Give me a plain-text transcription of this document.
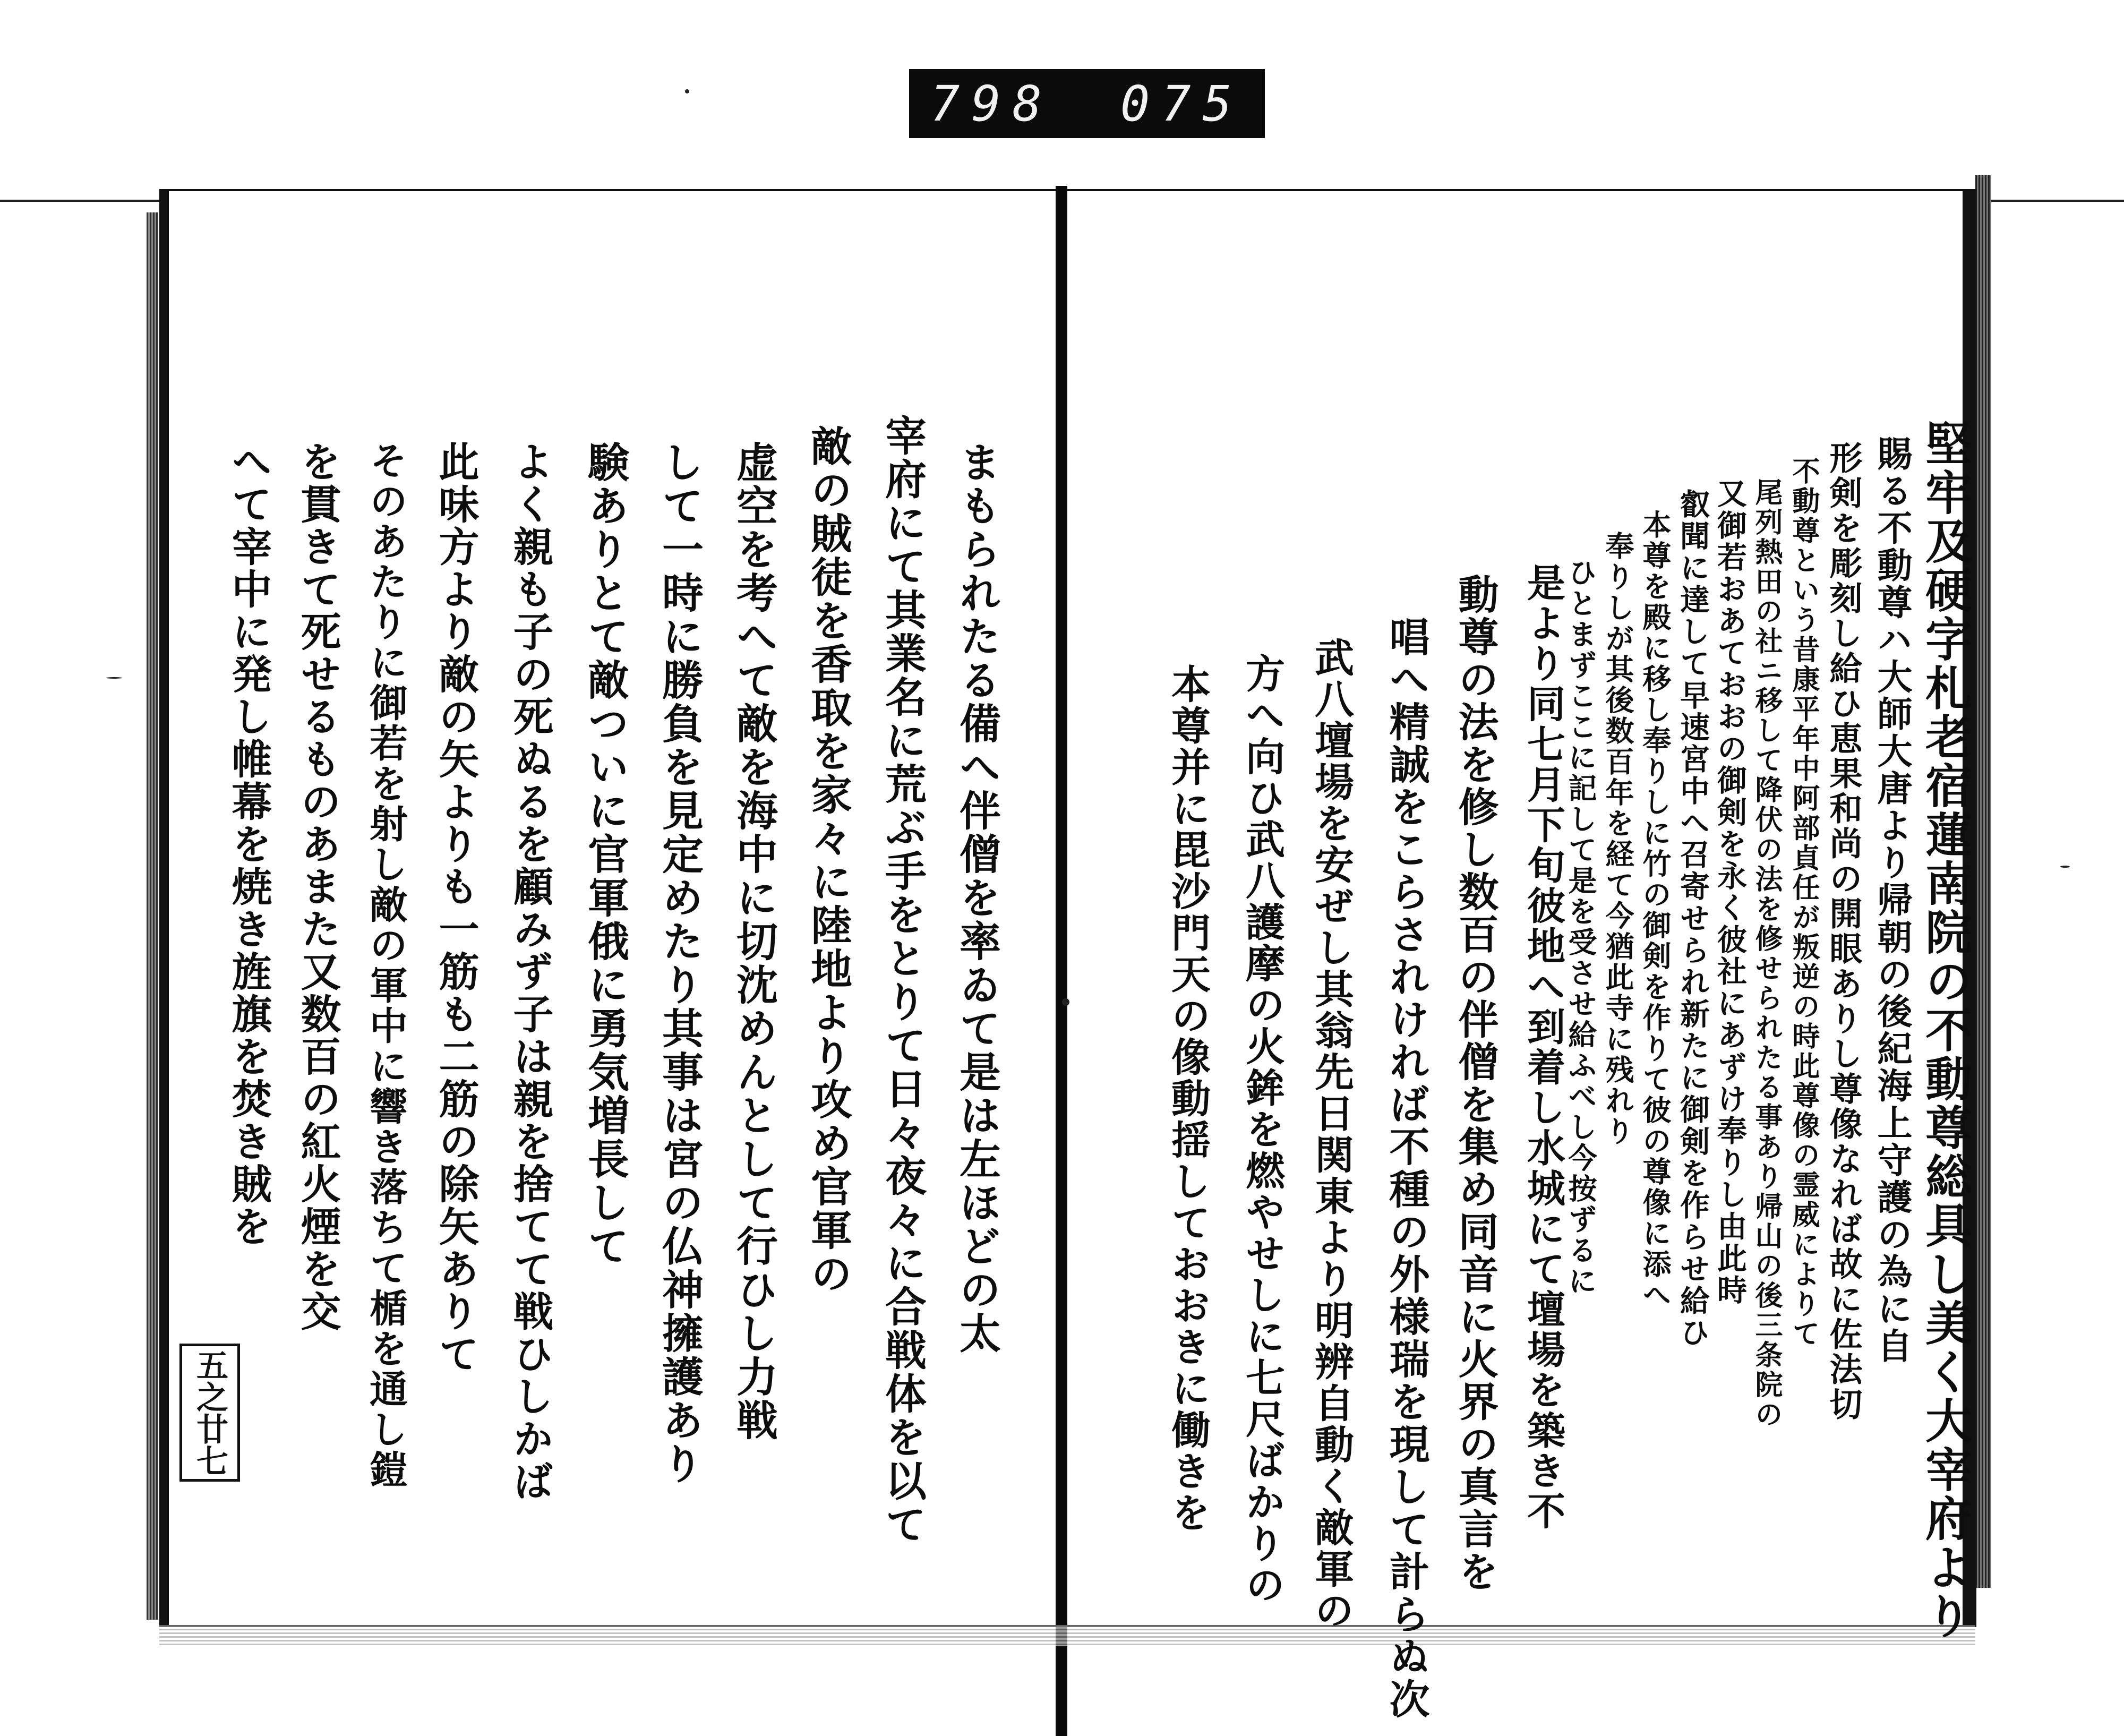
798 075
堅牢及硬字札老宿蓮南院の不動尊総具し美く大宰府より
賜る不動尊ハ大師大唐より帰朝の後紀海上守護の為に自
形剣を彫刻し給ひ恵果和尚の開眼ありし尊像なれば故に佐法切
不動尊という昔康平年中阿部貞任が叛逆の時此尊像の霊威によりて
尾列熱田の社ニ移して降伏の法を修せられたる事あり帰山の後三条院の
又御若おあておおの御剣を永く彼社にあずけ奉りし由此時
叡聞に達して早速宮中へ召寄せられ新たに御剣を作らせ給ひ
本尊を殿に移し奉りしに竹の御剣を作りて彼の尊像に添へ
奉りしが其後数百年を経て今猶此寺に残れり
ひとまずここに記して是を受させ給ふべし今按ずるに
是より同七月下旬彼地へ到着し水城にて壇場を築き不
動尊の法を修し数百の伴僧を集め同音に火界の真言を
唱へ精誠をこらされければ不種の外様瑞を現して計らぬ次
武八壇場を安ぜし其翁先日関東より明辨自動く敵軍の
方へ向ひ武八護摩の火鉾を燃やせしに七尺ばかりの
本尊并に毘沙門天の像動揺しておおきに働きを
まもられたる備へ伴僧を率ゐて是は左ほどの太
宰府にて其業名に荒ぶ手をとりて日々夜々に合戦体を以て
敵の賊徒を香取を家々に陸地より攻め官軍の
虚空を考へて敵を海中に切沈めんとして行ひし力戦
して一時に勝負を見定めたり其事は宮の仏神擁護あり
験ありとて敵ついに官軍俄に勇気増長して
よく親も子の死ぬるを顧みず子は親を捨てて戦ひしかば
此味方より敵の矢よりも一筋も二筋の除矢ありて
そのあたりに御若を射し敵の軍中に響き落ちて楯を通し鎧
を貫きて死せるものあまた又数百の紅火煙を交
へて宰中に発し帷幕を焼き旌旗を焚き賊を
五之廿七
